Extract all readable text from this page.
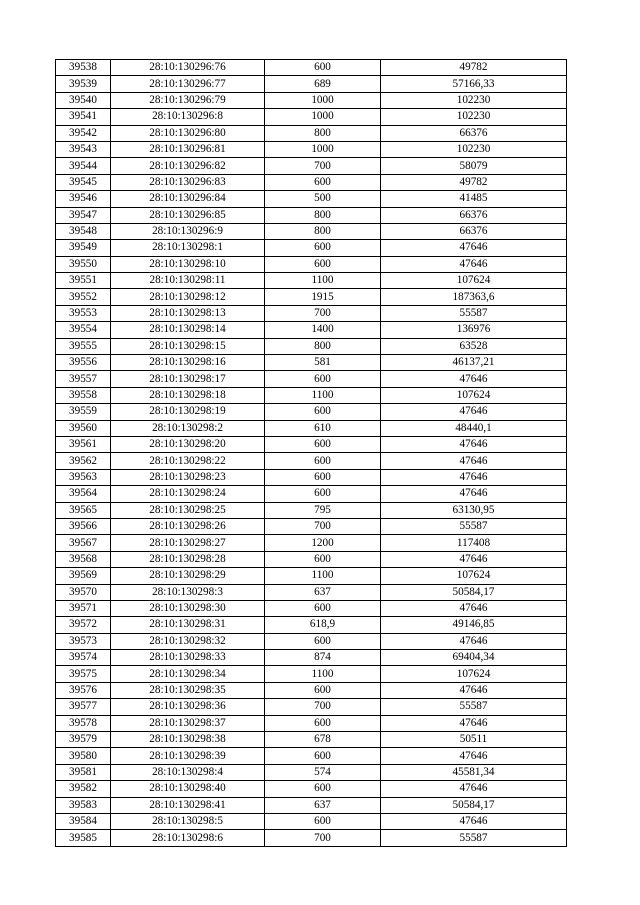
39538	28:10:130296:76	600	49782
39539	28:10:130296:77	689	57166,33
39540	28:10:130296:79	1000	102230
39541	28:10:130296:8	1000	102230
39542	28:10:130296:80	800	66376
39543	28:10:130296:81	1000	102230
39544	28:10:130296:82	700	58079
39545	28:10:130296:83	600	49782
39546	28:10:130296:84	500	41485
39547	28:10:130296:85	800	66376
39548	28:10:130296:9	800	66376
39549	28:10:130298:1	600	47646
39550	28:10:130298:10	600	47646
39551	28:10:130298:11	1100	107624
39552	28:10:130298:12	1915	187363,6
39553	28:10:130298:13	700	55587
39554	28:10:130298:14	1400	136976
39555	28:10:130298:15	800	63528
39556	28:10:130298:16	581	46137,21
39557	28:10:130298:17	600	47646
39558	28:10:130298:18	1100	107624
39559	28:10:130298:19	600	47646
39560	28:10:130298:2	610	48440,1
39561	28:10:130298:20	600	47646
39562	28:10:130298:22	600	47646
39563	28:10:130298:23	600	47646
39564	28:10:130298:24	600	47646
39565	28:10:130298:25	795	63130,95
39566	28:10:130298:26	700	55587
39567	28:10:130298:27	1200	117408
39568	28:10:130298:28	600	47646
39569	28:10:130298:29	1100	107624
39570	28:10:130298:3	637	50584,17
39571	28:10:130298:30	600	47646
39572	28:10:130298:31	618,9	49146,85
39573	28:10:130298:32	600	47646
39574	28:10:130298:33	874	69404,34
39575	28:10:130298:34	1100	107624
39576	28:10:130298:35	600	47646
39577	28:10:130298:36	700	55587
39578	28:10:130298:37	600	47646
39579	28:10:130298:38	678	50511
39580	28:10:130298:39	600	47646
39581	28:10:130298:4	574	45581,34
39582	28:10:130298:40	600	47646
39583	28:10:130298:41	637	50584,17
39584	28:10:130298:5	600	47646
39585	28:10:130298:6	700	55587
